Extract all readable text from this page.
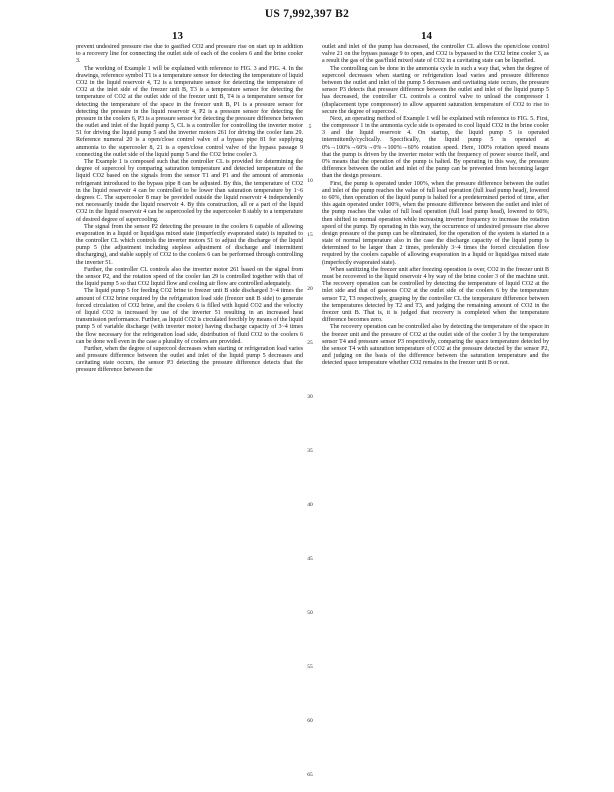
US 7,992,397 B2
13	14

prevent undesired pressure rise due to gasified CO2 and pressure rise on start up in addition to a recovery line for connecting the outlet side of each of the coolers 6 and the brine cooler 3.

The working of Example 1 will be explained with reference to FIG. 3 and FIG. 4. In the drawings, reference symbol T1 is a temperature sensor for detecting the temperature of liquid CO2 in the liquid reservoir 4, T2 is a temperature sensor for detecting the temperature of CO2 at the inlet side of the freezer unit B, T3 is a temperature sensor for detecting the temperature of CO2 at the outlet side of the freezer unit B, T4 is a temperature sensor for detecting the temperature of the space in the freezer unit B, P1 is a pressure sensor for detecting the pressure in the liquid reservoir 4, P2 is a pressure sensor for detecting the pressure in the coolers 6, P3 is a pressure sensor for detecting the pressure difference between the outlet and inlet of the liquid pump 5, CL is a controller for controlling the inverter motor 51 for driving the liquid pump 5 and the inverter motors 261 for driving the cooler fans 29. Reference numeral 20 is a open/close control valve of a bypass pipe 81 for supplying ammonia to the supercooler 8, 21 is a open/close control valve of the bypass passage 9 connecting the outlet side of the liquid pump 5 and the CO2 brine cooler 3.

The Example 1 is composed such that the controller CL is provided for determining the degree of supercool by comparing saturation temperature and detected temperature of the liquid CO2 based on the signals from the sensor T1 and P1 and the amount of ammonia refrigerant introduced to the bypass pipe 8 can be adjusted. By this, the temperature of CO2 in the liquid reservoir 4 can be controlled to be lower than saturation temperature by 1~6 degrees C. The supercooler 8 may be provided outside the liquid reservoir 4 independently not necessarily inside the liquid reservoir 4. By this construction, all or a part of the liquid CO2 in the liquid reservoir 4 can be supercooled by the supercooler 8 stably to a temperature of desired degree of supercooling.

The signal from the sensor P2 detecting the pressure in the coolers 6 capable of allowing evaporation in a liquid or liquid/gas mixed state (imperfectly evaporated state) is inputted to the controller CL which controls the inverter motors 51 to adjust the discharge of the liquid pump 5 (the adjustment including stepless adjustment of discharge and intermittent discharging), and stable supply of CO2 to the coolers 6 can be performed through controlling the inverter 51.

Further, the controller CL controls also the inverter motor 261 based on the signal from the sensor P2, and the rotation speed of the cooler fan 29 is controlled together with that of the liquid pump 5 so that CO2 liquid flow and cooling air flow are controlled adequately.

The liquid pump 5 for feeding CO2 brine to freezer unit B side discharged 3~4 times the amount of CO2 brine required by the refrigeration load side (freezer unit B side) to generate forced circulation of CO2 brine, and the coolers 6 is filled with liquid CO2 and the velocity of liquid CO2 is increased by use of the inverter 51 resulting in an increased heat transmission performance. Further, as liquid CO2 is circulated forcibly by means of the liquid pump 5 of variable discharge (with inverter motor) having discharge capacity of 3~4 times the flow necessary for the refrigeration load side, distribution of fluid CO2 to the coolers 6 can be done well even in the case a plurality of coolers are provided.

Further, when the degree of supercool decreases when starting or refrigeration load varies and pressure difference between the outlet and inlet of the liquid pump 5 decreases and cavitating state occurs, the sensor P3 detecting the pressure difference detects that the pressure difference between the

outlet and inlet of the pump has decreased, the controller CL allows the open/close control valve 21 on the bypass passage 9 to open, and CO2 is bypassed to the CO2 brine cooler 3, as a result the gas of the gas/fluid mixed state of CO2 in a cavitating state can be liquefied.

The controlling can be done in the ammonia cycle in such a way that, when the degree of supercool decreases when starting or refrigeration load varies and pressure difference between the outlet and inlet of the pump 5 decreases and cavitating state occurs, the pressure sensor P3 detects that pressure difference between the outlet and inlet of the liquid pump 5 has decreased, the controller CL controls a control valve to unload the compressor 1 (displacement type compressor) to allow apparent saturation temperature of CO2 to rise to secure the degree of supercool.

Next, an operating method of Example 1 will be explained with reference to FIG. 5. First, the compressor 1 in the ammonia cycle side is operated to cool liquid CO2 in the brine cooler 3 and the liquid reservoir 4. On startup, the liquid pump 5 is operated intermittently/cyclically. Specifically, the liquid pump 5 is operated at 0%→100%→60%→0%→100%→60% rotation speed. Here, 100% rotation speed means that the pump is driven by the inverter motor with the frequency of power source itself, and 0% means that the operation of the pump is halted. By operating in this way, the pressure difference between the outlet and inlet of the pump can be prevented from becoming larger than the design pressure.

First, the pump is operated under 100%, when the pressure difference between the outlet and inlet of the pump reaches the value of full load operation (full load pump head), lowered to 60%, then operation of the liquid pump is halted for a predetermined period of time, after this again operated under 100%, when the pressure difference between the outlet and inlet of the pump reaches the value of full load operation (full load pump head), lowered to 60%, then shifted to normal operation while increasing inverter frequency to increase the rotation speed of the pump. By operating in this way, the occurrence of undesired pressure rise above design pressure of the pump can be eliminated, for the operation of the system is started in a state of normal temperature also in the case the discharge capacity of the liquid pump is determined to be larger than 2 times, preferably 3~4 times the forced circulation flow required by the coolers capable of allowing evaporation in a liquid or liquid/gas mixed state (imperfectly evaporated state).

When sanitizing the freezer unit after freezing operation is over, CO2 in the freezer unit B must be recovered to the liquid reservoir 4 by way of the brine cooler 3 of the machine unit. The recovery operation can be controlled by detecting the temperature of liquid CO2 at the inlet side and that of gaseous CO2 at the outlet side of the coolers 6 by the temperature sensor T2, T3 respectively, grasping by the controller CL the temperature difference between the temperatures detected by T2 and T3, and judging the remaining amount of CO2 in the freezer unit B. That is, it is judged that recovery is completed when the temperature difference becomes zero.

The recovery operation can be controlled also by detecting the temperature of the space in the freezer unit and the pressure of CO2 at the outlet side of the cooler 3 by the temperature sensor T4 and pressure sensor P3 respectively, comparing the space temperature detected by the sensor T4 with saturation temperature of CO2 at the pressure detected by the sensor P2, and judging on the basis of the difference between the saturation temperature and the detected space temperature whether CO2 remains in the freezer unit B or not.

5
10
15
20
25
30
35
40
45
50
55
60
65
